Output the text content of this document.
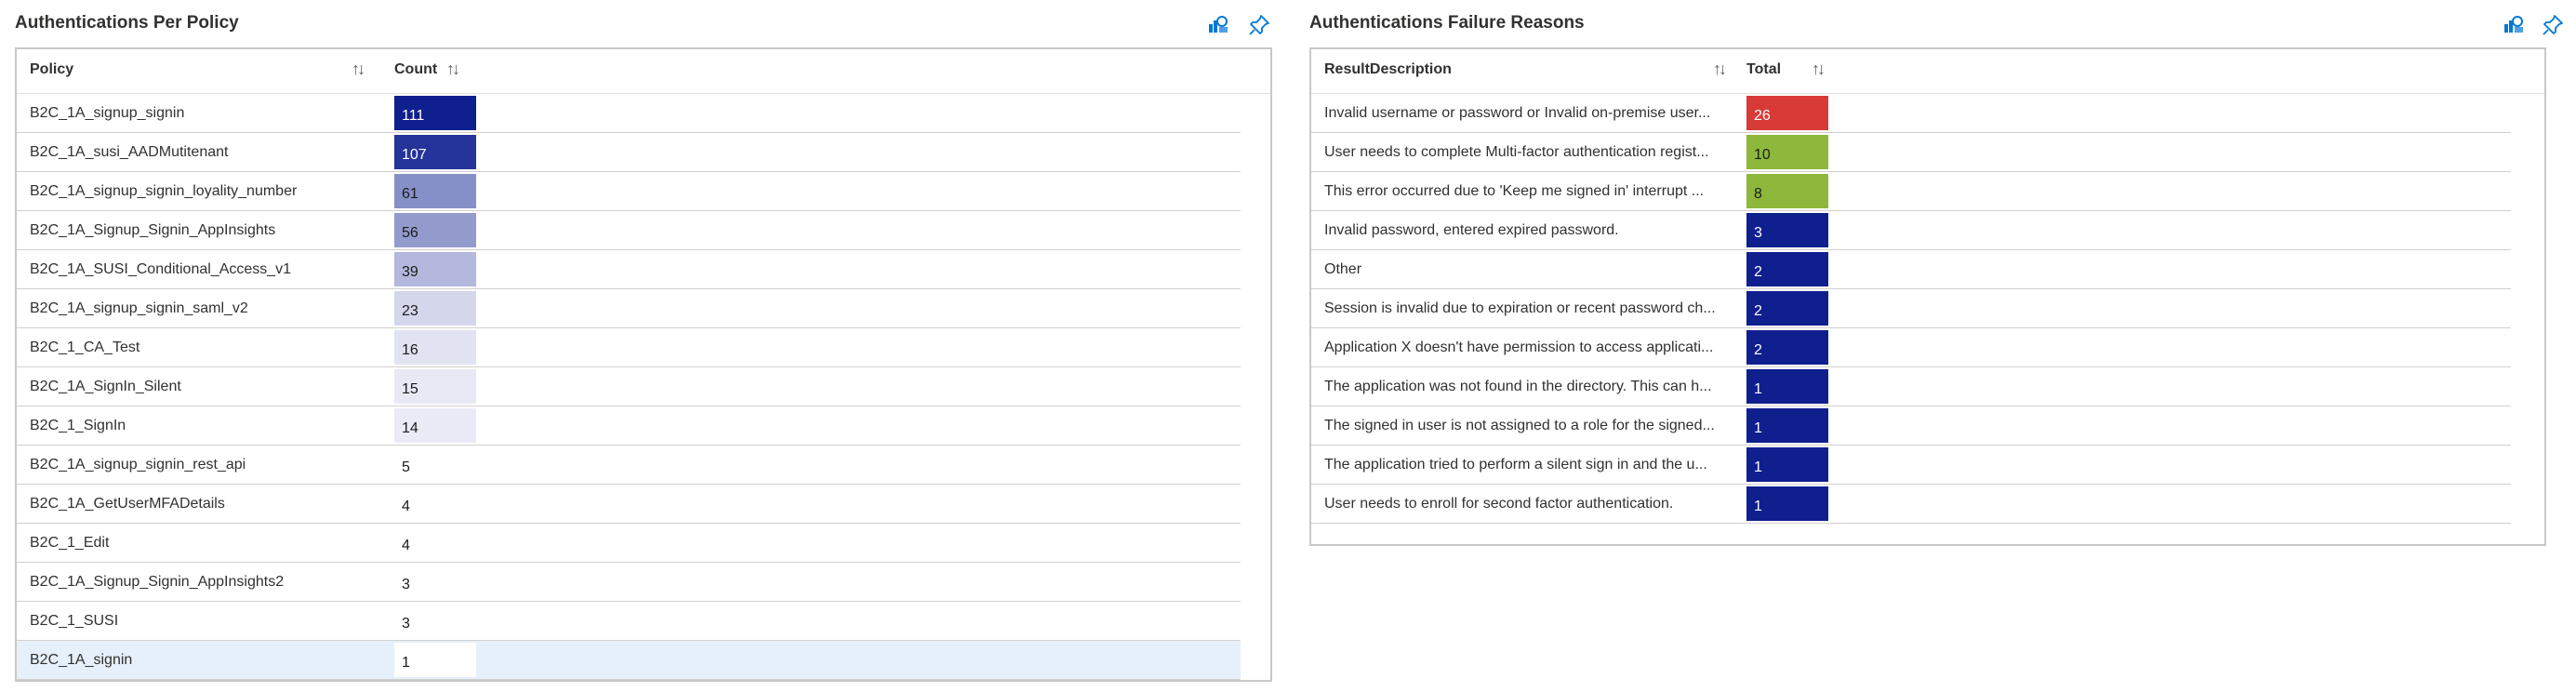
Authentications Per Policy
Policy	↑↓ Count ↑↓
B2C_1A_signup_signin	111
B2C_1A_susi_AADMutitenant	107
B2C_1A_signup_signin_loyality_number	61
B2C_1A_Signup_Signin_AppInsights	56
B2C_1A_SUSI_Conditional_Access_v1	39
B2C_1A_signup_signin_saml_v2	23
B2C_1_CA_Test	16
B2C_1A_SignIn_Silent	15
B2C_1_SignIn	14
B2C_1A_signup_signin_rest_api	5
B2C_1A_GetUserMFADetails	4
B2C_1_Edit	4
B2C_1A_Signup_Signin_AppInsights2	3
B2C_1_SUSI	3
B2C_1A_signin	1
Authentications Failure Reasons
ResultDescription	↑↓ Total ↑↓
Invalid username or password or Invalid on-premise user...	26
User needs to complete Multi-factor authentication regist...	10
This error occurred due to 'Keep me signed in' interrupt ...	8
Invalid password, entered expired password.	3
Other	2
Session is invalid due to expiration or recent password ch...	2
Application X doesn't have permission to access applicati...	2
The application was not found in the directory. This can h...	1
The signed in user is not assigned to a role for the signed...	1
The application tried to perform a silent sign in and the u...	1
User needs to enroll for second factor authentication.	1
